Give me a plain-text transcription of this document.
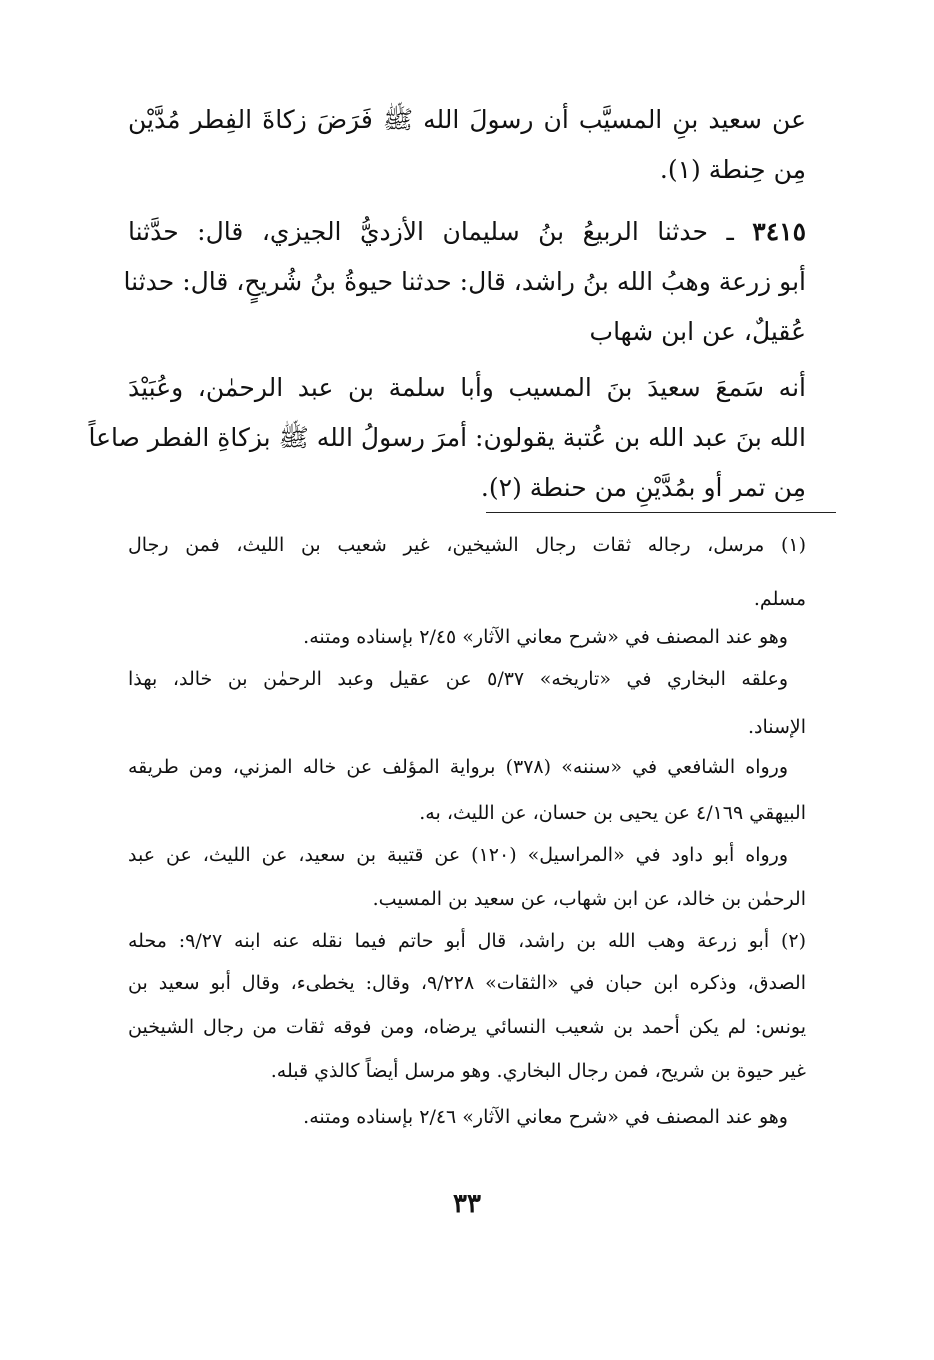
عن سعيد بنِ المسيَّب أن رسولَ الله ﷺ فَرَضَ زكاةَ الفِطر مُدَّيْن

مِن حِنطة (١).

٣٤١٥ ـ حدثنا الربيعُ بنُ سليمان الأزديُّ الجيزي، قال: حدَّثنا

أبو زرعة وهبُ الله بنُ راشد، قال: حدثنا حيوةُ بنُ شُريحٍ، قال: حدثنا

عُقيلٌ، عن ابن شهاب

أنه سَمعَ سعيدَ بنَ المسيب وأبا سلمة بن عبد الرحمٰن، وعُبَيْدَ

الله بنَ عبد الله بن عُتبة يقولون: أمرَ رسولُ الله ﷺ بزكاةِ الفطر صاعاً

مِن تمر أو بمُدَّيْنِ من حنطة (٢).

(١) مرسل، رجاله ثقات رجال الشيخين، غير شعيب بن الليث، فمن رجال

مسلم.

وهو عند المصنف في «شرح معاني الآثار» ٢/٤٥ بإسناده ومتنه.

وعلقه البخاري في «تاريخه» ٥/٣٧ عن عقيل وعبد الرحمٰن بن خالد، بهذا

الإسناد.

ورواه الشافعي في «سننه» (٣٧٨) برواية المؤلف عن خاله المزني، ومن طريقه

البيهقي ٤/١٦٩ عن يحيى بن حسان، عن الليث، به.

ورواه أبو داود في «المراسيل» (١٢٠) عن قتيبة بن سعيد، عن الليث، عن عبد

الرحمٰن بن خالد، عن ابن شهاب، عن سعيد بن المسيب.

(٢) أبو زرعة وهب الله بن راشد، قال أبو حاتم فيما نقله عنه ابنه ٩/٢٧: محله

الصدق، وذكره ابن حبان في «الثقات» ٩/٢٢٨، وقال: يخطىء، وقال أبو سعيد بن

يونس: لم يكن أحمد بن شعيب النسائي يرضاه، ومن فوقه ثقات من رجال الشيخين

غير حيوة بن شريح، فمن رجال البخاري. وهو مرسل أيضاً كالذي قبله.

وهو عند المصنف في «شرح معاني الآثار» ٢/٤٦ بإسناده ومتنه.

٣٣
